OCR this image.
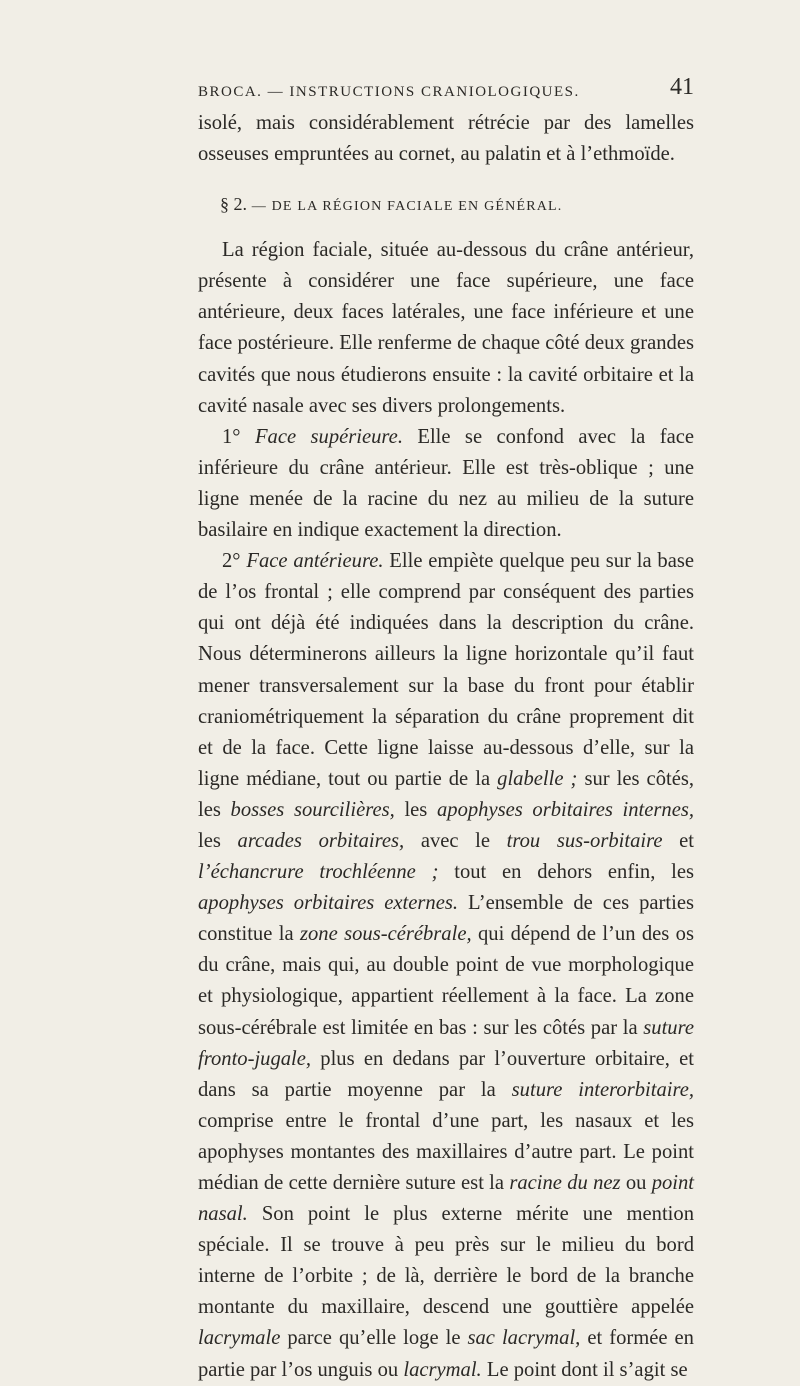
BROCA. — INSTRUCTIONS CRANIOLOGIQUES.	41

isolé, mais considérablement rétrécie par des lamelles osseuses empruntées au cornet, au palatin et à l’ethmoïde.

§ 2. — DE LA RÉGION FACIALE EN GÉNÉRAL.

La région faciale, située au-dessous du crâne antérieur, présente à considérer une face supérieure, une face antérieure, deux faces latérales, une face inférieure et une face postérieure. Elle renferme de chaque côté deux grandes cavités que nous étudierons ensuite : la cavité orbitaire et la cavité nasale avec ses divers prolongements.

1° Face supérieure. Elle se confond avec la face inférieure du crâne antérieur. Elle est très-oblique ; une ligne menée de la racine du nez au milieu de la suture basilaire en indique exactement la direction.

2° Face antérieure. Elle empiète quelque peu sur la base de l’os frontal ; elle comprend par conséquent des parties qui ont déjà été indiquées dans la description du crâne. Nous déterminerons ailleurs la ligne horizontale qu’il faut mener transversalement sur la base du front pour établir craniométriquement la séparation du crâne proprement dit et de la face. Cette ligne laisse au-dessous d’elle, sur la ligne médiane, tout ou partie de la glabelle ; sur les côtés, les bosses sourcilières, les apophyses orbitaires internes, les arcades orbitaires, avec le trou sus-orbitaire et l’échancrure trochléenne ; tout en dehors enfin, les apophyses orbitaires externes. L’ensemble de ces parties constitue la zone sous-cérébrale, qui dépend de l’un des os du crâne, mais qui, au double point de vue morphologique et physiologique, appartient réellement à la face. La zone sous-cérébrale est limitée en bas : sur les côtés par la suture fronto-jugale, plus en dedans par l’ouverture orbitaire, et dans sa partie moyenne par la suture interorbitaire, comprise entre le frontal d’une part, les nasaux et les apophyses montantes des maxillaires d’autre part. Le point médian de cette dernière suture est la racine du nez ou point nasal. Son point le plus externe mérite une mention spéciale. Il se trouve à peu près sur le milieu du bord interne de l’orbite ; de là, derrière le bord de la branche montante du maxillaire, descend une gouttière appelée lacrymale parce qu’elle loge le sac lacrymal, et formée en partie par l’os unguis ou lacrymal. Le point dont il s’agit se
